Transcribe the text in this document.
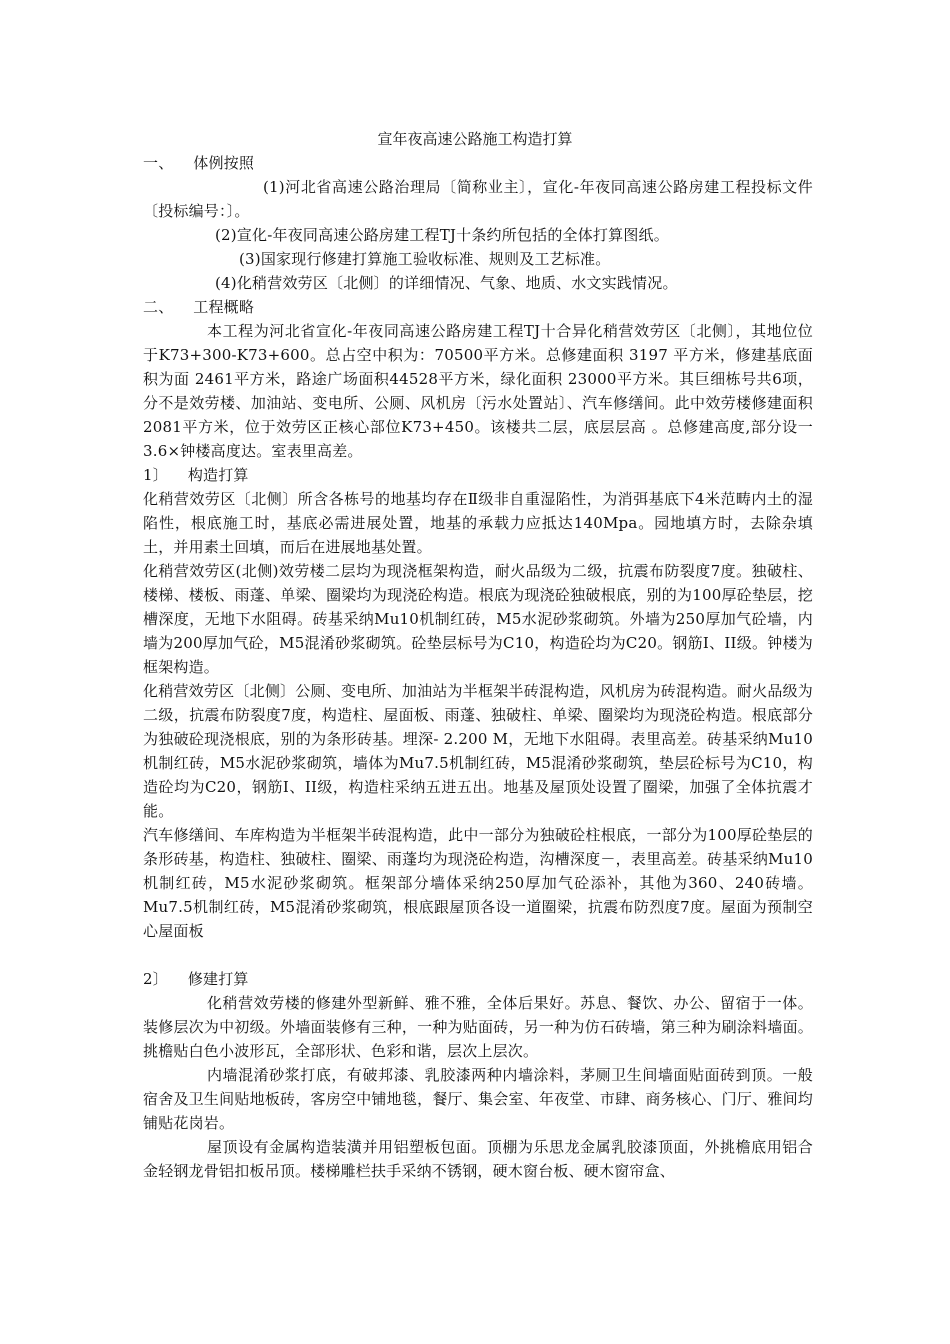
宣年夜高速公路施工构造打算

一、    体例按照

(1)河北省高速公路治理局〔简称业主〕，宣化-年夜同高速公路房建工程投标文件〔投标编号：〕。

(2)宣化-年夜同高速公路房建工程TJ十条约所包括的全体打算图纸。

(3)国家现行修建打算施工验收标准、规则及工艺标准。

(4)化稍营效劳区〔北侧〕的详细情况、气象、地质、水文实践情况。

二、    工程概略

本工程为河北省宣化-年夜同高速公路房建工程TJ十合异化稍营效劳区〔北侧〕，其地位位于K73+300-K73+600。总占空中积为：70500平方米。总修建面积 3197 平方米，修建基底面积为面 2461平方米，路途广场面积44528平方米，绿化面积 23000平方米。其巨细栋号共6项，分不是效劳楼、加油站、变电所、公厕、风机房〔污水处置站〕、汽车修缮间。此中效劳楼修建面积2081平方米，位于效劳区正核心部位K73+450。该楼共二层，底层层高 。总修建高度,部分设一3.6×钟楼高度达。室表里高差。

1〕    构造打算

化稍营效劳区〔北侧〕所含各栋号的地基均存在Ⅱ级非自重湿陷性，为消弭基底下4米范畴内土的湿陷性，根底施工时，基底必需进展处置，地基的承载力应抵达140Mpa。园地填方时，去除杂填土，并用素土回填，而后在进展地基处置。

化稍营效劳区(北侧)效劳楼二层均为现浇框架构造，耐火品级为二级，抗震布防裂度7度。独破柱、楼梯、楼板、雨蓬、单梁、圈梁均为现浇砼构造。根底为现浇砼独破根底，别的为100厚砼垫层，挖槽深度，无地下水阻碍。砖基采纳Mu10机制红砖，M5水泥砂浆砌筑。外墙为250厚加气砼墙，内墙为200厚加气砼，M5混淆砂浆砌筑。砼垫层标号为C10，构造砼均为C20。钢筋I、II级。钟楼为框架构造。

化稍营效劳区〔北侧〕公厕、变电所、加油站为半框架半砖混构造，风机房为砖混构造。耐火品级为二级，抗震布防裂度7度，构造柱、屋面板、雨蓬、独破柱、单梁、圈梁均为现浇砼构造。根底部分为独破砼现浇根底，别的为条形砖基。埋深- 2.200 M，无地下水阻碍。表里高差。砖基采纳Mu10机制红砖，M5水泥砂浆砌筑，墙体为Mu7.5机制红砖，M5混淆砂浆砌筑，垫层砼标号为C10，构造砼均为C20，钢筋I、II级，构造柱采纳五进五出。地基及屋顶处设置了圈梁，加强了全体抗震才能。

汽车修缮间、车库构造为半框架半砖混构造，此中一部分为独破砼柱根底，一部分为100厚砼垫层的条形砖基，构造柱、独破柱、圈梁、雨蓬均为现浇砼构造，沟槽深度－，表里高差。砖基采纳Mu10机制红砖，M5水泥砂浆砌筑。框架部分墙体采纳250厚加气砼添补，其他为360、240砖墙。Mu7.5机制红砖，M5混淆砂浆砌筑，根底跟屋顶各设一道圈梁，抗震布防烈度7度。屋面为预制空心屋面板

2〕    修建打算

化稍营效劳楼的修建外型新鲜、雅不雅，全体后果好。苏息、餐饮、办公、留宿于一体。装修层次为中初级。外墙面装修有三种，一种为贴面砖，另一种为仿石砖墙，第三种为刷涂料墙面。挑檐贴白色小波形瓦，全部形状、色彩和谐，层次上层次。

内墙混淆砂浆打底，有破邦漆、乳胶漆两种内墙涂料，茅厕卫生间墙面贴面砖到顶。一般宿舍及卫生间贴地板砖，客房空中铺地毯，餐厅、集会室、年夜堂、市肆、商务核心、门厅、雅间均铺贴花岗岩。

屋顶设有金属构造装潢并用铝塑板包面。顶棚为乐思龙金属乳胶漆顶面，外挑檐底用铝合金轻钢龙骨铝扣板吊顶。楼梯雕栏扶手采纳不锈钢，硬木窗台板、硬木窗帘盒、
